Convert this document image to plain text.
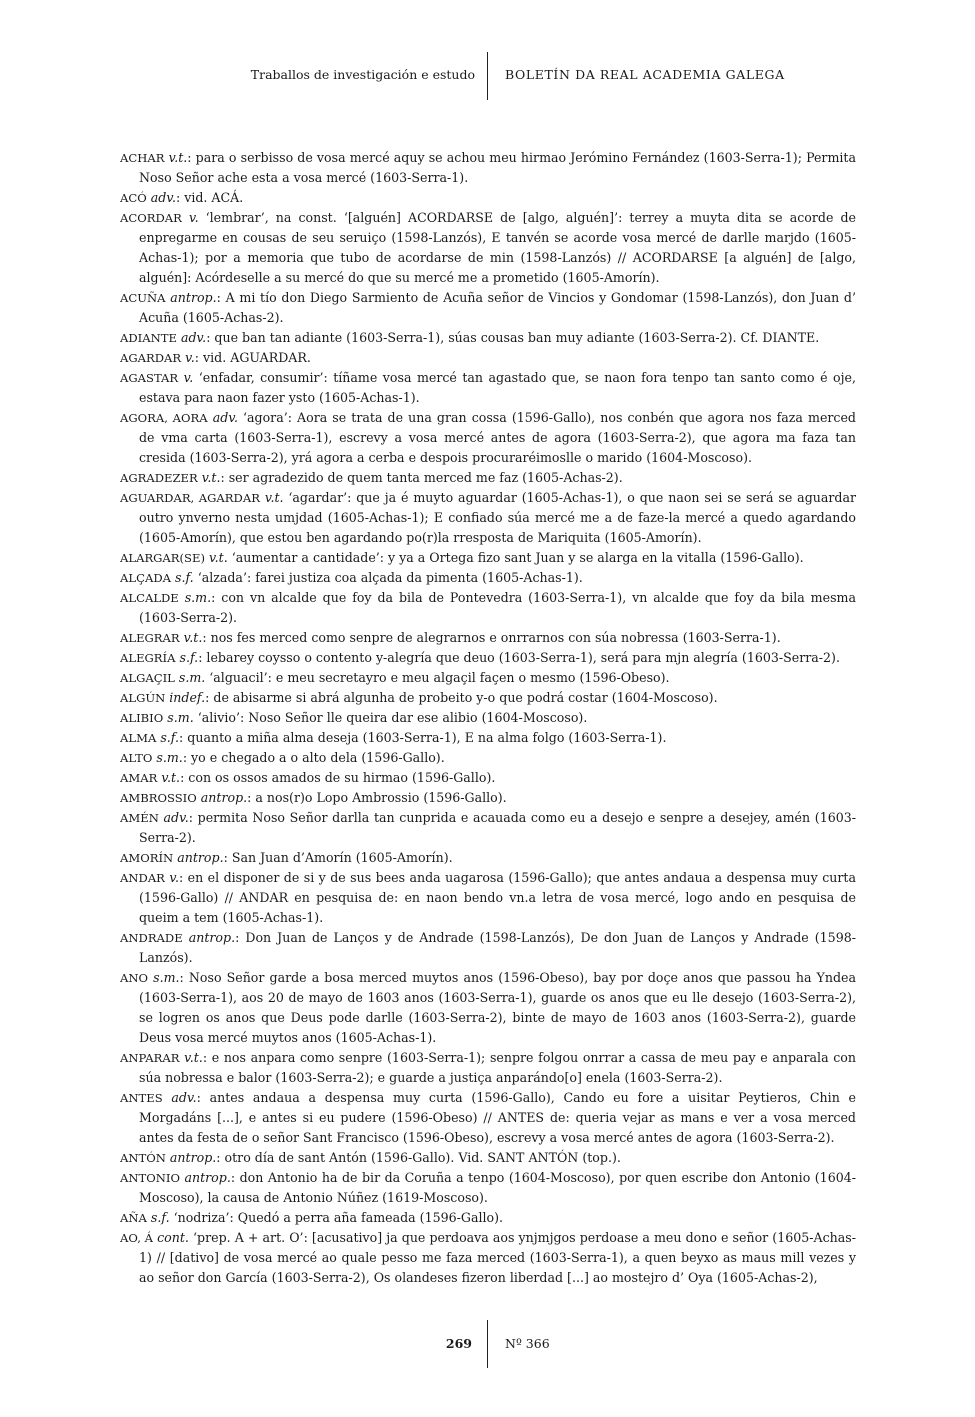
Traballos de investigación e estudo BOLETÍN DA REAL ACADEMIA GALEGA

ACHAR v.t.: para o serbisso de vosa mercé aquy se achou meu hirmao Jerómino Fernández (1603-Serra-1); Permita Noso Señor ache esta a vosa mercé (1603-Serra-1).

ACÓ adv.: vid. ACÁ.

ACORDAR v. ‘lembrar’, na const. ‘[alguén] ACORDARSE de [algo, alguén]’: terrey a muyta dita se acorde de enpregarme en cousas de seu seruiço (1598-Lanzós), E tanvén se acorde vosa mercé de darlle marjdo (1605-Achas-1); por a memoria que tubo de acordarse de min (1598-Lanzós) // ACORDARSE [a alguén] de [algo, alguén]: Acórdeselle a su mercé do que su mercé me a prometido (1605-Amorín).

ACUÑA antrop.: A mi tío don Diego Sarmiento de Acuña señor de Vincios y Gondomar (1598-Lanzós), don Juan d’ Acuña (1605-Achas-2).

ADIANTE adv.: que ban tan adiante (1603-Serra-1), súas cousas ban muy adiante (1603-Serra-2). Cf. DIANTE.

AGARDAR v.: vid. AGUARDAR.

AGASTAR v. ‘enfadar, consumir’: tíñame vosa mercé tan agastado que, se naon fora tenpo tan santo como é oje, estava para naon fazer ysto (1605-Achas-1).

AGORA, AORA adv. ‘agora’: Aora se trata de una gran cossa (1596-Gallo), nos conbén que agora nos faza merced de vma carta (1603-Serra-1), escrevy a vosa mercé antes de agora (1603-Serra-2), que agora ma faza tan cresida (1603-Serra-2), yrá agora a cerba e despois procuraréimoslle o marido (1604-Moscoso).

AGRADEZER v.t.: ser agradezido de quem tanta merced me faz (1605-Achas-2).

AGUARDAR, AGARDAR v.t. ‘agardar’: que ja é muyto aguardar (1605-Achas-1), o que naon sei se será se aguardar outro ynverno nesta umjdad (1605-Achas-1); E confiado súa mercé me a de faze-la mercé a quedo agardando (1605-Amorín), que estou ben agardando po(r)la rresposta de Mariquita (1605-Amorín).

ALARGAR(SE) v.t. ‘aumentar a cantidade’: y ya a Ortega fizo sant Juan y se alarga en la vitalla (1596-Gallo).

ALÇADA s.f. ‘alzada’: farei justiza coa alçada da pimenta (1605-Achas-1).

ALCALDE s.m.: con vn alcalde que foy da bila de Pontevedra (1603-Serra-1), vn alcalde que foy da bila mesma (1603-Serra-2).

ALEGRAR v.t.: nos fes merced como senpre de alegrarnos e onrrarnos con súa nobressa (1603-Serra-1).

ALEGRÍA s.f.: lebarey coysso o contento y-alegría que deuo (1603-Serra-1), será para mjn alegría (1603-Serra-2).

ALGAÇIL s.m. ‘alguacil’: e meu secretayro e meu algaçil façen o mesmo (1596-Obeso).

ALGÚN indef.: de abisarme si abrá algunha de probeito y-o que podrá costar (1604-Moscoso).

ALIBIO s.m. ‘alivio’: Noso Señor lle queira dar ese alibio (1604-Moscoso).

ALMA s.f.: quanto a miña alma deseja (1603-Serra-1), E na alma folgo (1603-Serra-1).

ALTO s.m.: yo e chegado a o alto dela (1596-Gallo).

AMAR v.t.: con os ossos amados de su hirmao (1596-Gallo).

AMBROSSIO antrop.: a nos(r)o Lopo Ambrossio (1596-Gallo).

AMÉN adv.: permita Noso Señor darlla tan cunprida e acauada como eu a desejo e senpre a desejey, amén (1603-Serra-2).

AMORÍN antrop.: San Juan d’Amorín (1605-Amorín).

ANDAR v.: en el disponer de si y de sus bees anda uagarosa (1596-Gallo); que antes andaua a despensa muy curta (1596-Gallo) // ANDAR en pesquisa de: en naon bendo vn.a letra de vosa mercé, logo ando en pesquisa de queim a tem (1605-Achas-1).

ANDRADE antrop.: Don Juan de Lanços y de Andrade (1598-Lanzós), De don Juan de Lanços y Andrade (1598-Lanzós).

ANO s.m.: Noso Señor garde a bosa merced muytos anos (1596-Obeso), bay por doçe anos que passou ha Yndea (1603-Serra-1), aos 20 de mayo de 1603 anos (1603-Serra-1), guarde os anos que eu lle desejo (1603-Serra-2), se logren os anos que Deus pode darlle (1603-Serra-2), binte de mayo de 1603 anos (1603-Serra-2), guarde Deus vosa mercé muytos anos (1605-Achas-1).

ANPARAR v.t.: e nos anpara como senpre (1603-Serra-1); senpre folgou onrrar a cassa de meu pay e anparala con súa nobressa e balor (1603-Serra-2); e guarde a justiça anparándo[o] enela (1603-Serra-2).

ANTES adv.: antes andaua a despensa muy curta (1596-Gallo), Cando eu fore a uisitar Peytieros, Chin e Morgadáns [...], e antes si eu pudere (1596-Obeso) // ANTES de: queria vejar as mans e ver a vosa merced antes da festa de o señor Sant Francisco (1596-Obeso), escrevy a vosa mercé antes de agora (1603-Serra-2).

ANTÓN antrop.: otro día de sant Antón (1596-Gallo). Vid. SANT ANTÓN (top.).

ANTONIO antrop.: don Antonio ha de bir da Coruña a tenpo (1604-Moscoso), por quen escribe don Antonio (1604-Moscoso), la causa de Antonio Núñez (1619-Moscoso).

AÑA s.f. ‘nodriza’: Quedó a perra aña fameada (1596-Gallo).

AO, Á cont. ‘prep. A + art. O’: [acusativo] ja que perdoava aos ynjmjgos perdoase a meu dono e señor (1605-Achas-1) // [dativo] de vosa mercé ao quale pesso me faza merced (1603-Serra-1), a quen beyxo as maus mill vezes y ao señor don García (1603-Serra-2), Os olandeses fizeron liberdad [...] ao mostejro d’ Oya (1605-Achas-2),

269	Nº 366
